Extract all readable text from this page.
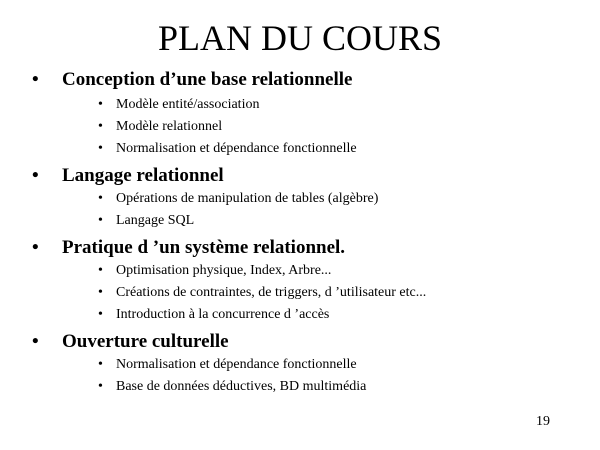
PLAN DU COURS
• Conception d’une base relationnelle
• Modèle entité/association
• Modèle relationnel
• Normalisation et dépendance fonctionnelle
• Langage relationnel
• Opérations de manipulation de tables (algèbre)
• Langage SQL
• Pratique d ’un système relationnel.
• Optimisation physique, Index, Arbre...
• Créations de contraintes, de triggers, d ’utilisateur etc...
• Introduction à la concurrence d ’accès
• Ouverture culturelle
• Normalisation et dépendance fonctionnelle
• Base de données déductives, BD multimédia
19
